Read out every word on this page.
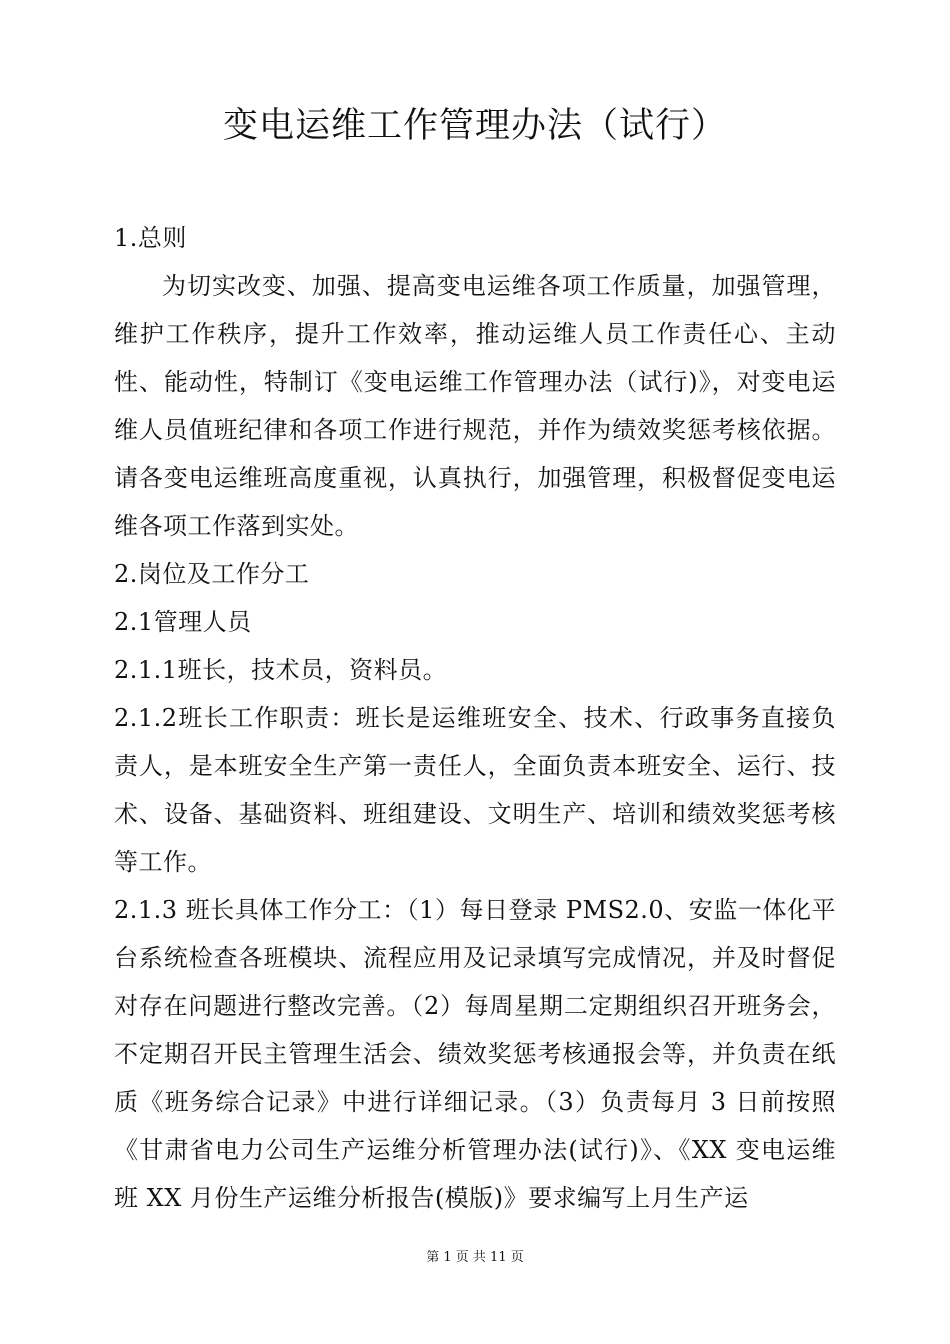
变电运维工作管理办法（试行）

1.总则

为切实改变、加强、提高变电运维各项工作质量，加强管理，维护工作秩序，提升工作效率，推动运维人员工作责任心、主动性、能动性，特制订《变电运维工作管理办法（试行)》，对变电运维人员值班纪律和各项工作进行规范，并作为绩效奖惩考核依据。请各变电运维班高度重视，认真执行，加强管理，积极督促变电运维各项工作落到实处。

2.岗位及工作分工

2.1管理人员

2.1.1班长，技术员，资料员。

2.1.2班长工作职责：班长是运维班安全、技术、行政事务直接负责人，是本班安全生产第一责任人，全面负责本班安全、运行、技术、设备、基础资料、班组建设、文明生产、培训和绩效奖惩考核等工作。

2.1.3 班长具体工作分工：（1）每日登录 PMS2.0、安监一体化平台系统检查各班模块、流程应用及记录填写完成情况，并及时督促对存在问题进行整改完善。（2）每周星期二定期组织召开班务会，不定期召开民主管理生活会、绩效奖惩考核通报会等，并负责在纸质《班务综合记录》中进行详细记录。（3）负责每月 3 日前按照《甘肃省电力公司生产运维分析管理办法(试行)》、《XX 变电运维班 XX 月份生产运维分析报告(模版)》要求编写上月生产运

第 1 页 共 11 页
